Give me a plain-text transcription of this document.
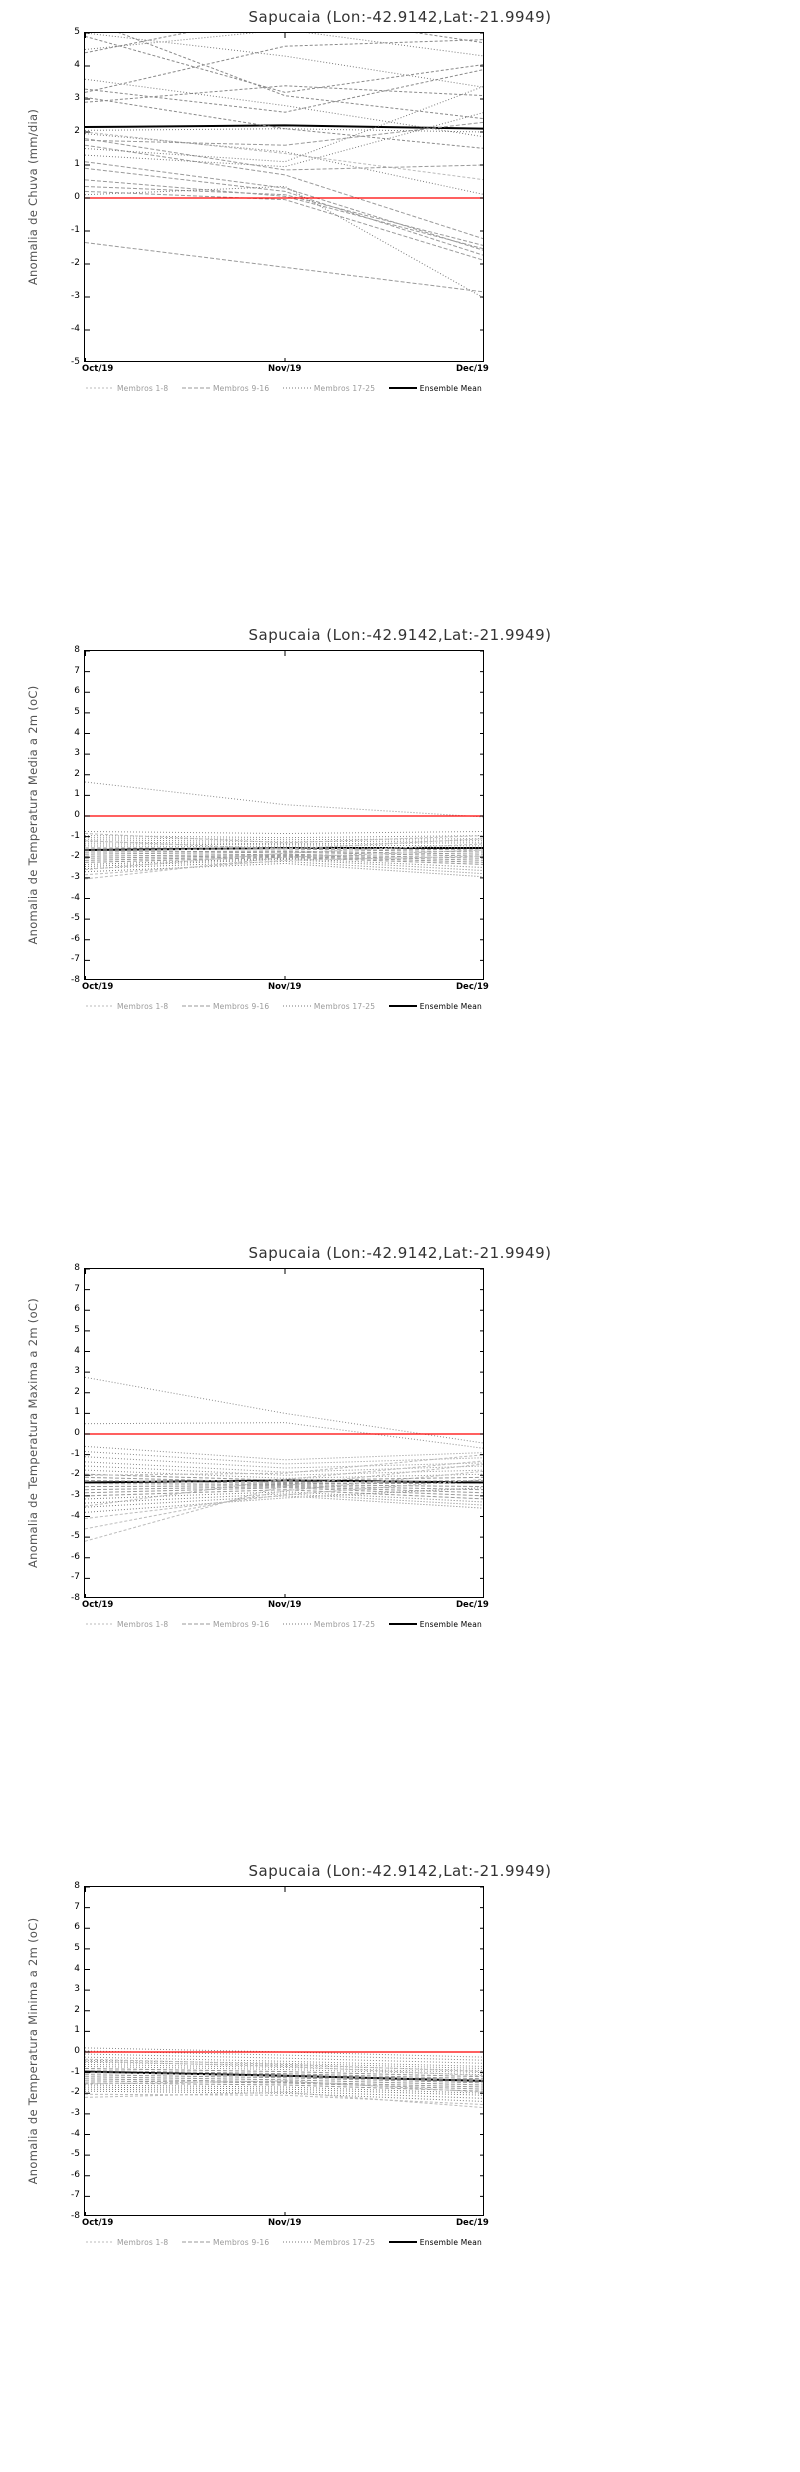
Sapucaia (Lon:-42.9142,Lat:-21.9949)
Anomalia de Chuva (mm/dia)
5
4
3
2
1
0
-1
-2
-3
-4
-5
Oct/19	Nov/19	Dec/19
Membros 1-8	Membros 9-16	Membros 17-25	Ensemble Mean
Sapucaia (Lon:-42.9142,Lat:-21.9949)
Anomalia de Temperatura Media a 2m (oC)
8
7
6
5
4
3
2
1
0
-1
-2
-3
-4
-5
-6
-7
-8
Oct/19	Nov/19	Dec/19
Membros 1-8	Membros 9-16	Membros 17-25	Ensemble Mean
Sapucaia (Lon:-42.9142,Lat:-21.9949)
Anomalia de Temperatura Maxima a 2m (oC)
8
7
6
5
4
3
2
1
0
-1
-2
-3
-4
-5
-6
-7
-8
Oct/19	Nov/19	Dec/19
Membros 1-8	Membros 9-16	Membros 17-25	Ensemble Mean
Sapucaia (Lon:-42.9142,Lat:-21.9949)
Anomalia de Temperatura Minima a 2m (oC)
8
7
6
5
4
3
2
1
0
-1
-2
-3
-4
-5
-6
-7
-8
Oct/19	Nov/19	Dec/19
Membros 1-8	Membros 9-16	Membros 17-25	Ensemble Mean
